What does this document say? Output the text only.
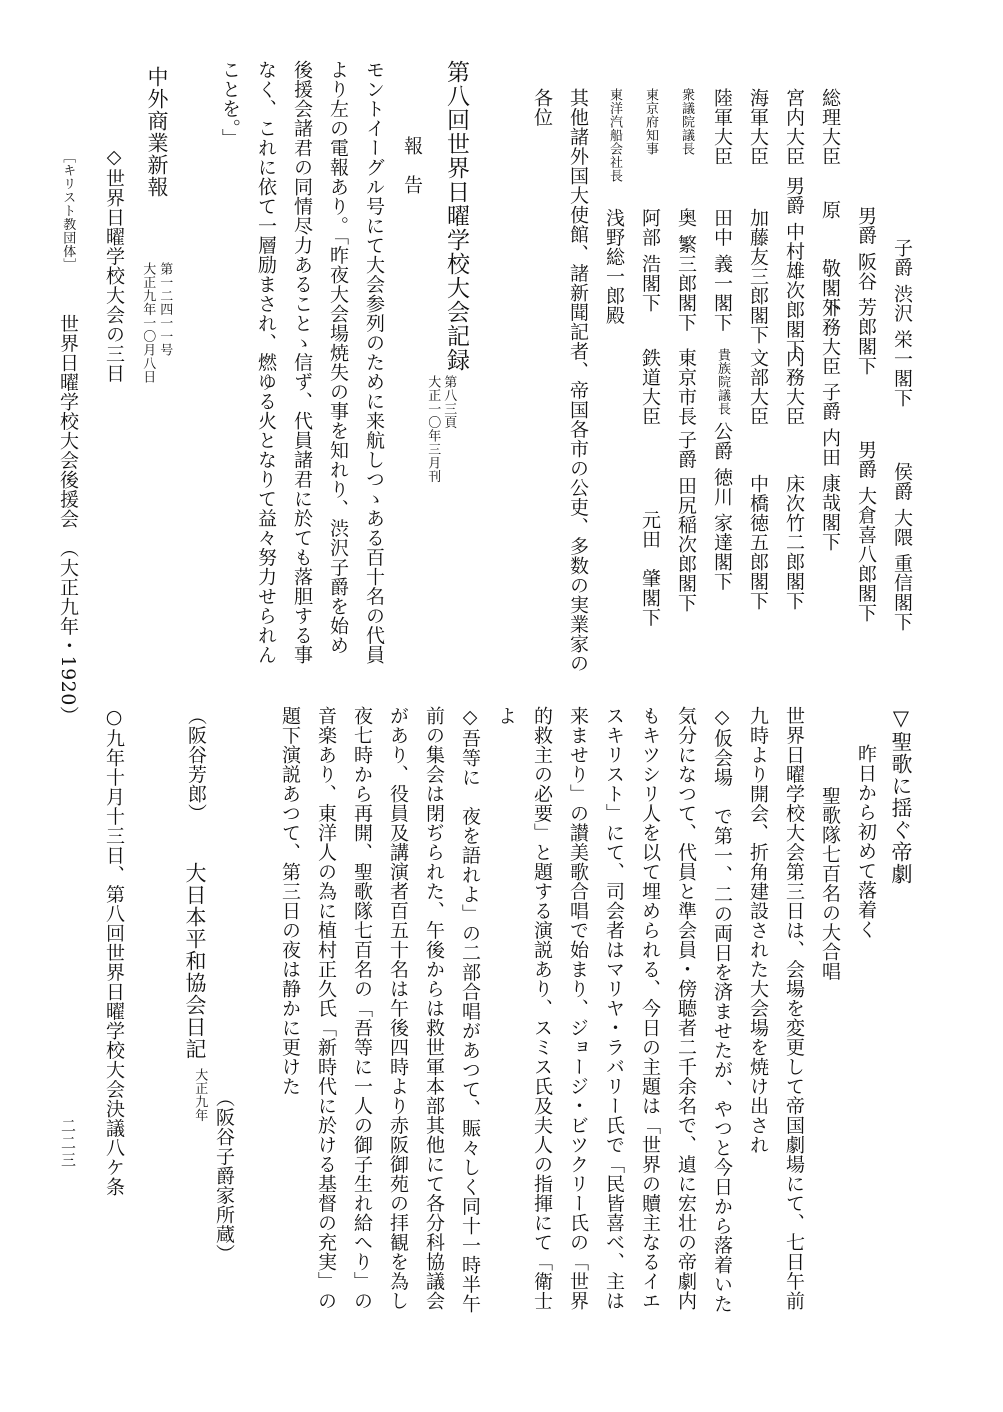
子爵 渋沢 栄一閣下
男爵 阪谷 芳郎閣下
総理大臣原　　敬閣下
宮内大臣男爵 中村雄次郎閣下
海軍大臣加藤友三郎閣下
陸軍大臣田中 義一閣下
衆議院議長奥 繁三郎閣下
東京府知事阿部 浩閣下
東洋汽船会社長浅野総一郎殿
侯爵 大隈 重信閣下
男爵 大倉喜八郎閣下
外務大臣子爵 内田 康哉閣下
内務大臣床次竹二郎閣下
文部大臣中橋徳五郎閣下
貴族院議長公爵 徳川 家達閣下
東京市長子爵 田尻稲次郎閣下
鉄道大臣元田　肇閣下
其他諸外国大使館、諸新聞記者、帝国各市の公吏、多数の実業家の
各位
第八回世界日曜学校大会記録
第八三頁
大正一〇年三月刊
報　告
モントイーグル号にて大会参列のために来航しつゝある百十名の代員
より左の電報あり。「昨夜大会場焼失の事を知れり、渋沢子爵を始め
後援会諸君の同情尽力あることゝ信ず、代員諸君に於ても落胆する事
なく、これに依て一層励まされ、燃ゆる火となりて益々努力せられん
ことを。」
中外商業新報
第一二四一一号
大正九年一〇月八日
◇世界日曜学校大会の三日
［キリスト教団体］
世界日曜学校大会後援会　（大正九年・1920）
▽聖歌に揺ぐ帝劇
昨日から初めて落着く
聖歌隊七百名の大合唱
世界日曜学校大会第三日は、会場を変更して帝国劇場にて、七日午前
九時より開会、折角建設された大会場を焼け出され
◇仮会場　で第一、二の両日を済ませたが、やつと今日から落着いた
気分になつて、代員と準会員・傍聴者二千余名で、遉に宏壮の帝劇内
もキツシリ人を以て埋められる、今日の主題は「世界の贖主なるイエ
スキリスト」にて、司会者はマリヤ・ラバリー氏で「民皆喜べ、主は
来ませり」の讃美歌合唱で始まり、ジョージ・ビツクリー氏の「世界
的救主の必要」と題する演説あり、スミス氏及夫人の指揮にて「衛士
よ
◇吾等に　夜を語れよ」の二部合唱があつて、賑々しく同十一時半午
前の集会は閉ぢられた、午後からは救世軍本部其他にて各分科協議会
があり、役員及講演者百五十名は午後四時より赤阪御苑の拝観を為し
夜七時から再開、聖歌隊七百名の「吾等に一人の御子生れ給へり」の
音楽あり、東洋人の為に植村正久氏「新時代に於ける基督の充実」の
題下演説あつて、第三日の夜は静かに更けた
（阪谷子爵家所蔵）
（阪谷芳郎）
大日本平和協会日記
大正九年
○九年十月十三日、第八回世界日曜学校大会決議八ケ条
二二三
